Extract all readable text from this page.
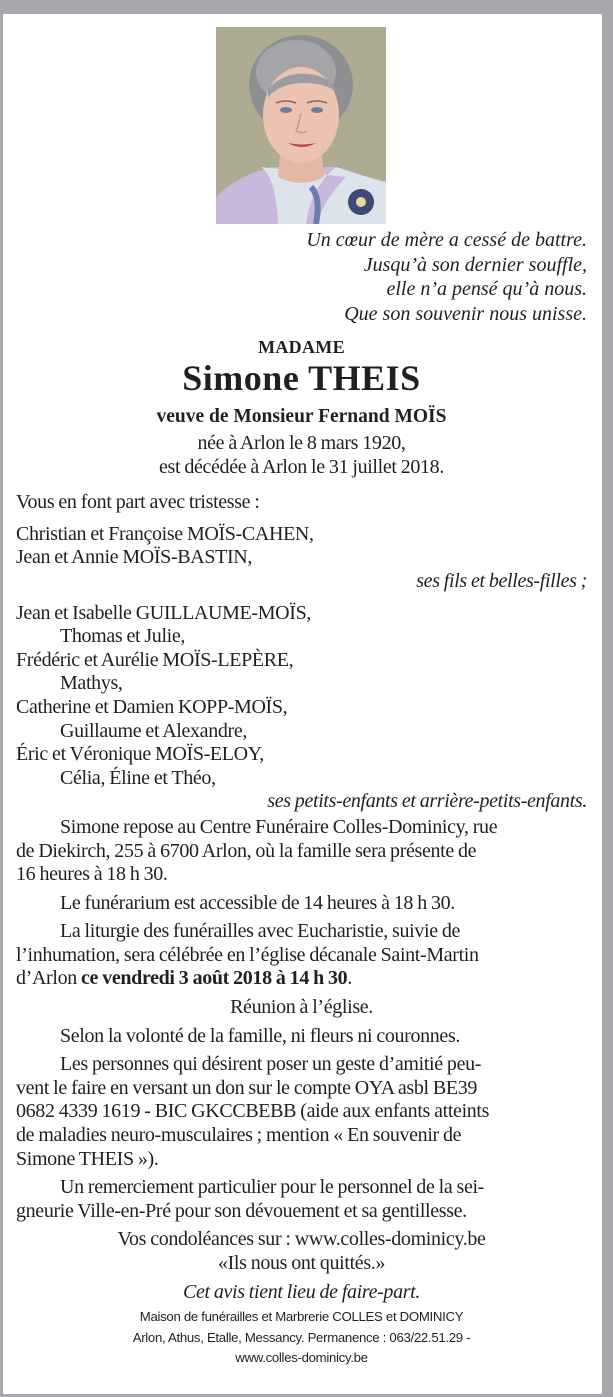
Un cœur de mère a cessé de battre.
Jusqu’à son dernier souffle,
elle n’a pensé qu’à nous.
Que son souvenir nous unisse.
MADAME
Simone THEIS
veuve de Monsieur Fernand MOÏS
née à Arlon le 8 mars 1920,
est décédée à Arlon le 31 juillet 2018.
Vous en font part avec tristesse :
Christian et Françoise MOÏS-CAHEN,
Jean et Annie MOÏS-BASTIN,
ses fils et belles-filles ;
Jean et Isabelle GUILLAUME-MOÏS,
Thomas et Julie,
Frédéric et Aurélie MOÏS-LEPÈRE,
Mathys,
Catherine et Damien KOPP-MOÏS,
Guillaume et Alexandre,
Éric et Véronique MOÏS-ELOY,
Célia, Éline et Théo,
ses petits-enfants et arrière-petits-enfants.
Simone repose au Centre Funéraire Colles-Dominicy, rue
de Diekirch, 255 à 6700 Arlon, où la famille sera présente de
16 heures à 18 h 30.
Le funérarium est accessible de 14 heures à 18 h 30.
La liturgie des funérailles avec Eucharistie, suivie de
l’inhumation, sera célébrée en l’église décanale Saint-Martin
d’Arlon ce vendredi 3 août 2018 à 14 h 30.
Réunion à l’église.
Selon la volonté de la famille, ni fleurs ni couronnes.
Les personnes qui désirent poser un geste d’amitié peu-
vent le faire en versant un don sur le compte OYA asbl BE39
0682 4339 1619 - BIC GKCCBEBB (aide aux enfants atteints
de maladies neuro-musculaires ; mention « En souvenir de
Simone THEIS »).
Un remerciement particulier pour le personnel de la sei-
gneurie Ville-en-Pré pour son dévouement et sa gentillesse.
Vos condoléances sur : www.colles-dominicy.be
«Ils nous ont quittés.»
Cet avis tient lieu de faire-part.
Maison de funérailles et Marbrerie COLLES et DOMINICY
Arlon, Athus, Etalle, Messancy. Permanence : 063/22.51.29 -
www.colles-dominicy.be
